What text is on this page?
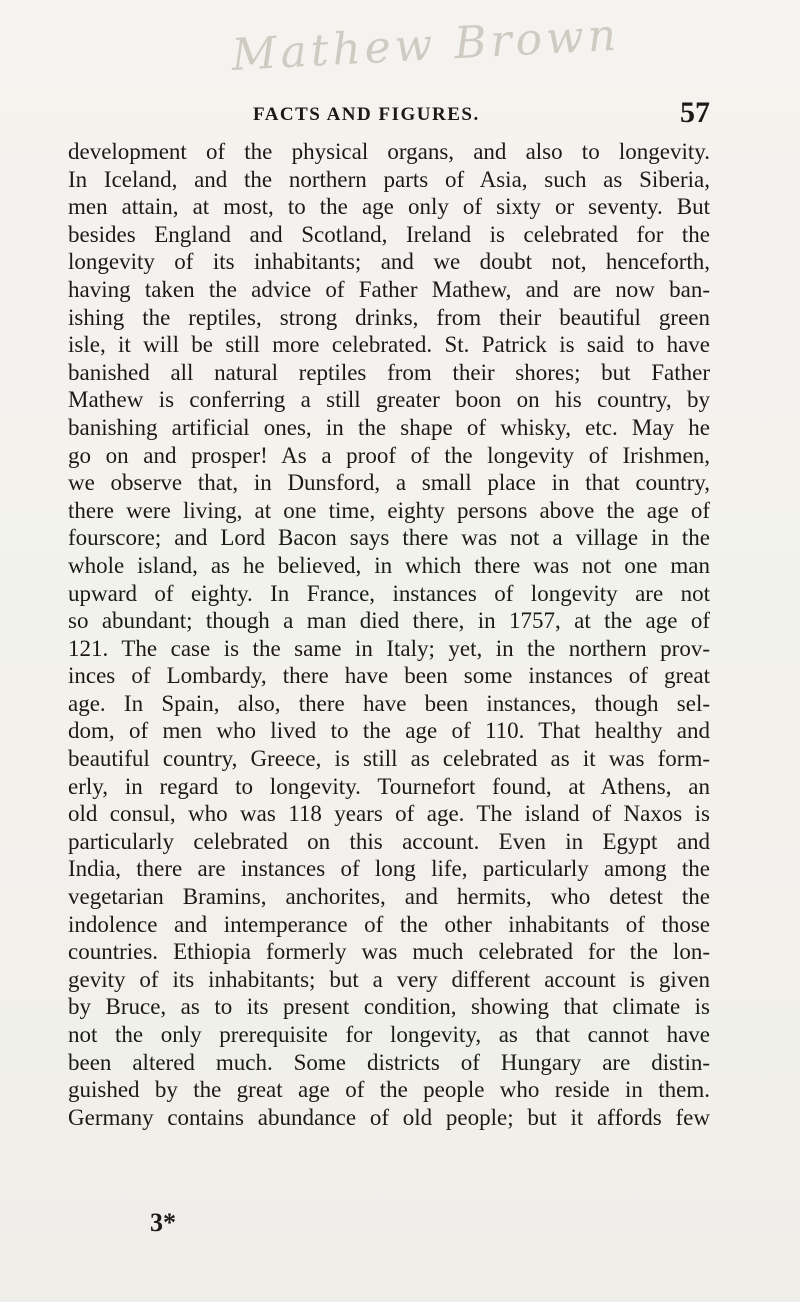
Mathew Brown
FACTS AND FIGURES.	57
development of the physical organs, and also to longevity.
In Iceland, and the northern parts of Asia, such as Siberia,
men attain, at most, to the age only of sixty or seventy. But
besides England and Scotland, Ireland is celebrated for the
longevity of its inhabitants; and we doubt not, henceforth,
having taken the advice of Father Mathew, and are now ban-
ishing the reptiles, strong drinks, from their beautiful green
isle, it will be still more celebrated. St. Patrick is said to have
banished all natural reptiles from their shores; but Father
Mathew is conferring a still greater boon on his country, by
banishing artificial ones, in the shape of whisky, etc. May he
go on and prosper! As a proof of the longevity of Irishmen,
we observe that, in Dunsford, a small place in that country,
there were living, at one time, eighty persons above the age of
fourscore; and Lord Bacon says there was not a village in the
whole island, as he believed, in which there was not one man
upward of eighty. In France, instances of longevity are not
so abundant; though a man died there, in 1757, at the age of
121. The case is the same in Italy; yet, in the northern prov-
inces of Lombardy, there have been some instances of great
age. In Spain, also, there have been instances, though sel-
dom, of men who lived to the age of 110. That healthy and
beautiful country, Greece, is still as celebrated as it was form-
erly, in regard to longevity. Tournefort found, at Athens, an
old consul, who was 118 years of age. The island of Naxos is
particularly celebrated on this account. Even in Egypt and
India, there are instances of long life, particularly among the
vegetarian Bramins, anchorites, and hermits, who detest the
indolence and intemperance of the other inhabitants of those
countries. Ethiopia formerly was much celebrated for the lon-
gevity of its inhabitants; but a very different account is given
by Bruce, as to its present condition, showing that climate is
not the only prerequisite for longevity, as that cannot have
been altered much. Some districts of Hungary are distin-
guished by the great age of the people who reside in them.
Germany contains abundance of old people; but it affords few
3*
